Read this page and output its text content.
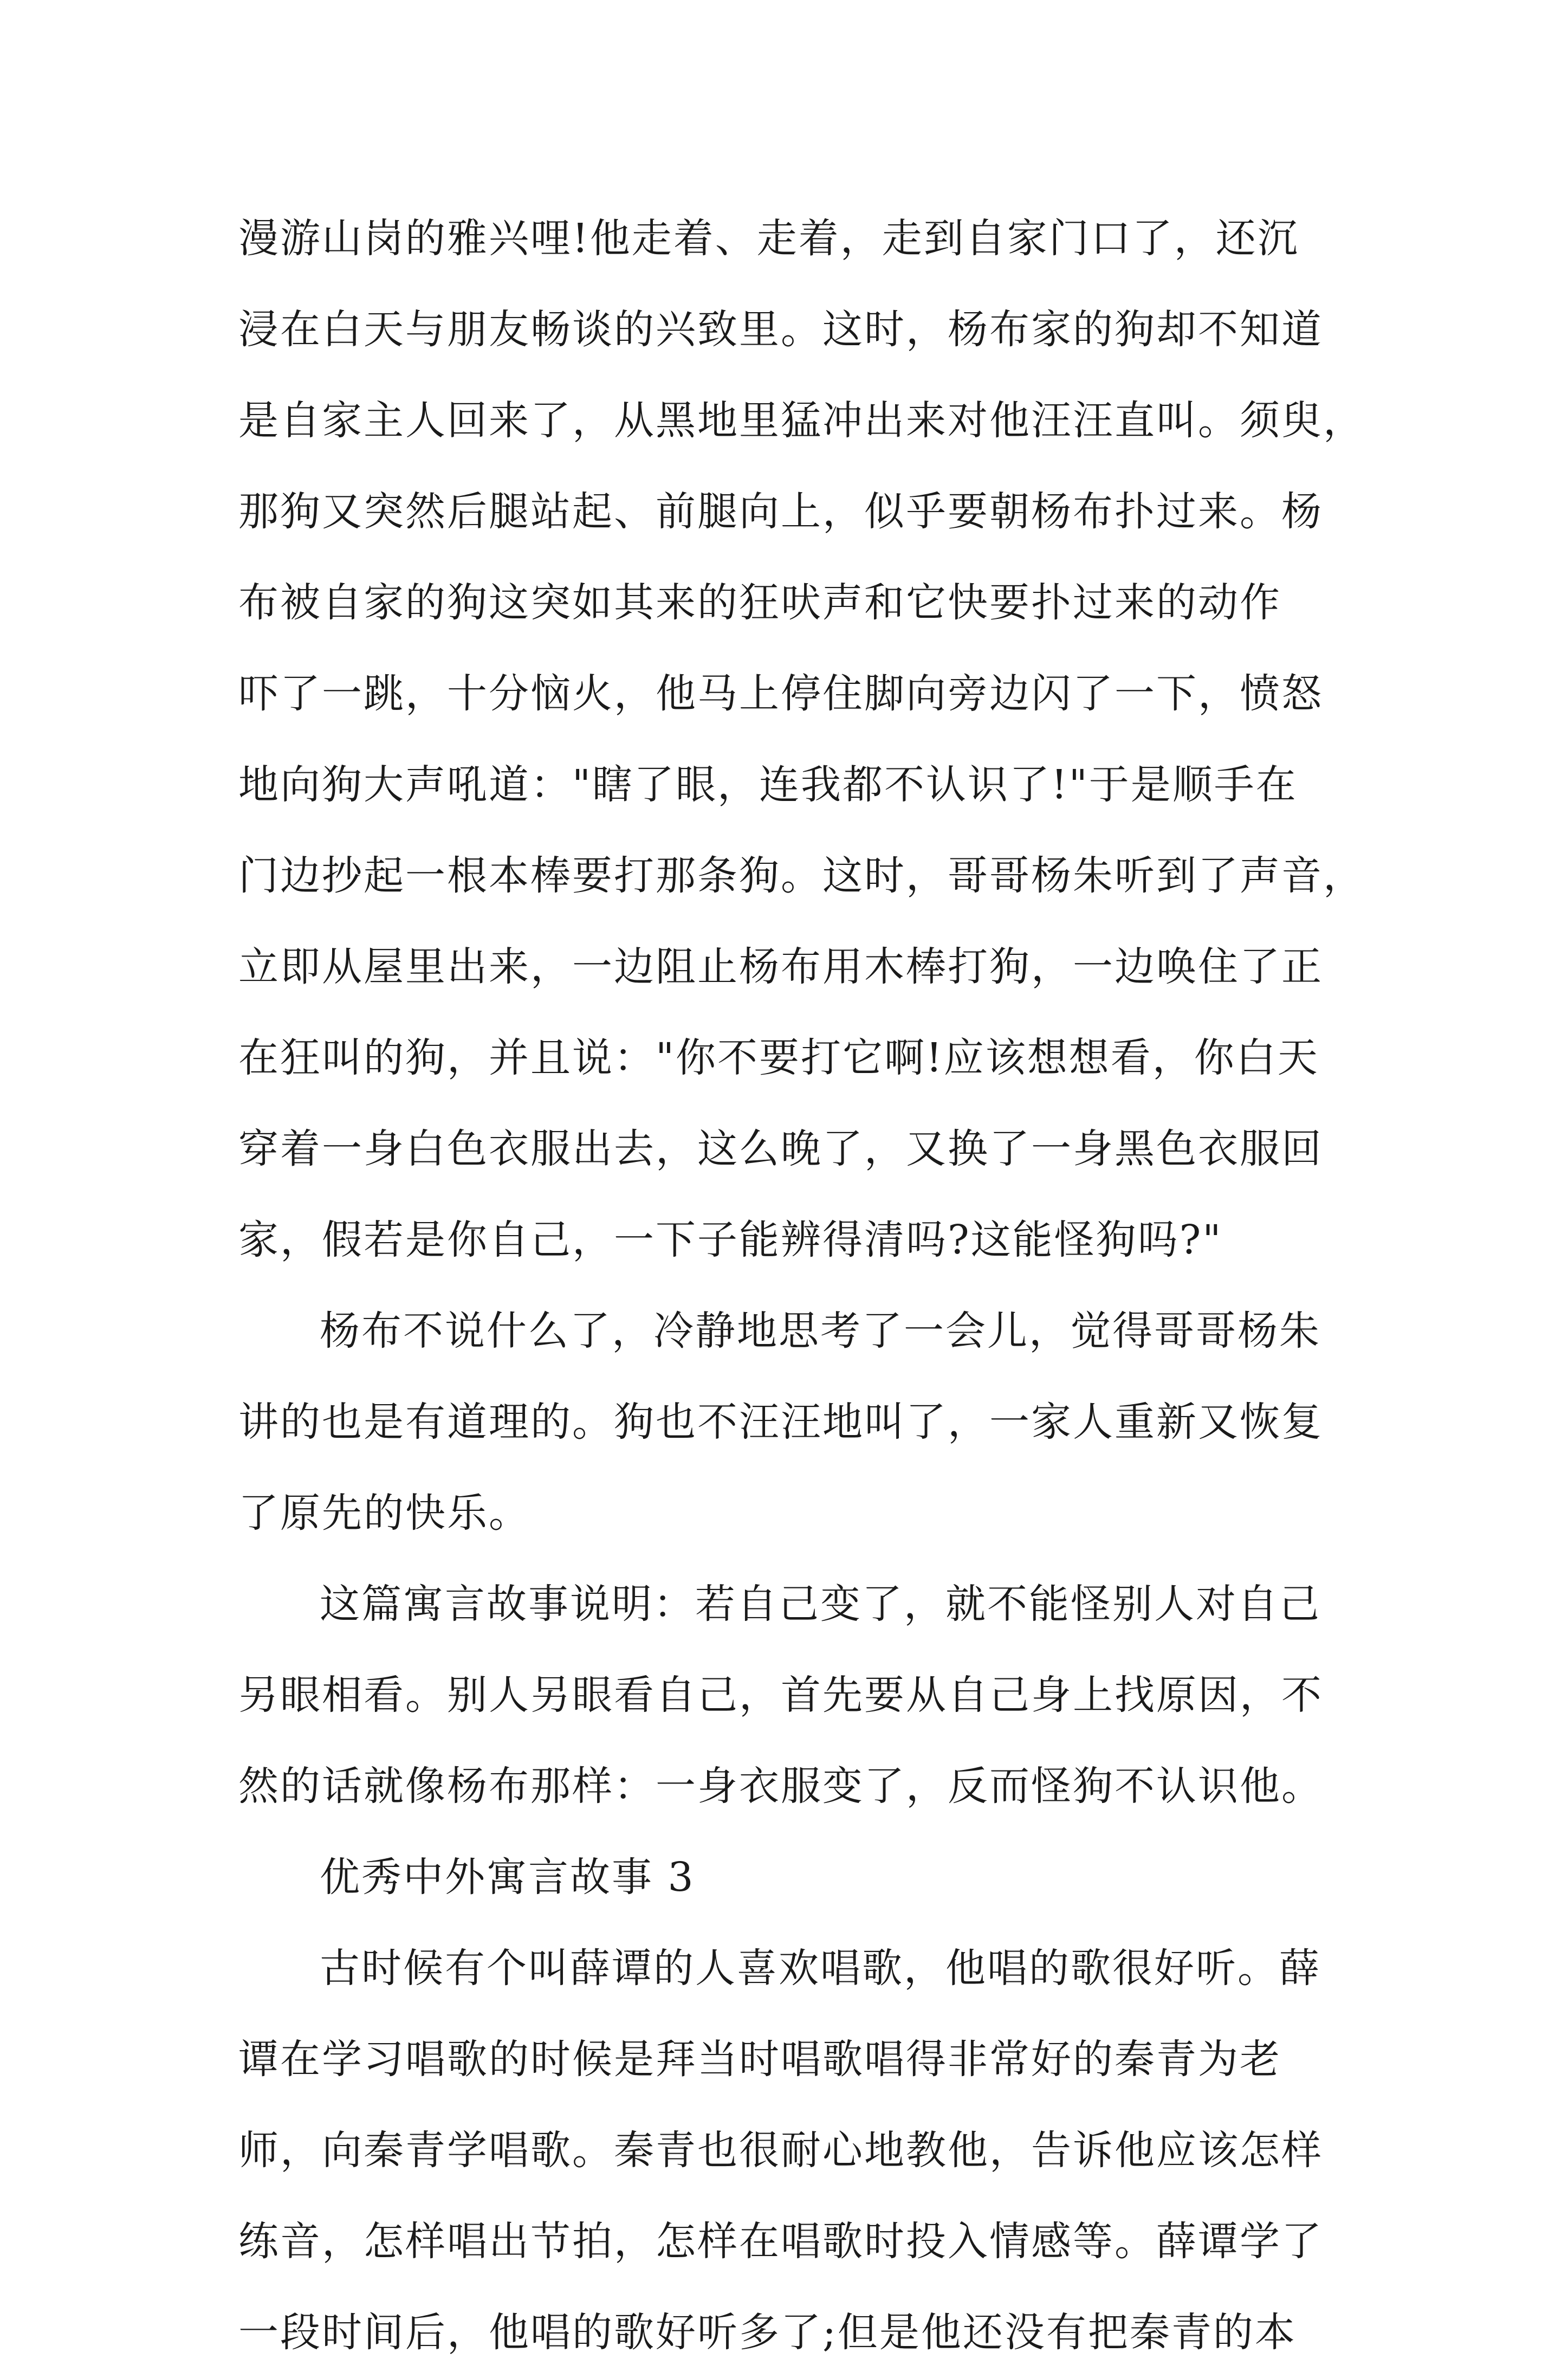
漫游山岗的雅兴哩!他走着、走着，走到自家门口了，还沉
浸在白天与朋友畅谈的兴致里。这时，杨布家的狗却不知道
是自家主人回来了，从黑地里猛冲出来对他汪汪直叫。须臾，
那狗又突然后腿站起、前腿向上，似乎要朝杨布扑过来。杨
布被自家的狗这突如其来的狂吠声和它快要扑过来的动作
吓了一跳，十分恼火，他马上停住脚向旁边闪了一下，愤怒
地向狗大声吼道："瞎了眼，连我都不认识了!"于是顺手在
门边抄起一根本棒要打那条狗。这时，哥哥杨朱听到了声音，
立即从屋里出来，一边阻止杨布用木棒打狗，一边唤住了正
在狂叫的狗，并且说："你不要打它啊!应该想想看，你白天
穿着一身白色衣服出去，这么晚了，又换了一身黑色衣服回
家，假若是你自己，一下子能辨得清吗?这能怪狗吗?"
杨布不说什么了，冷静地思考了一会儿，觉得哥哥杨朱
讲的也是有道理的。狗也不汪汪地叫了，一家人重新又恢复
了原先的快乐。
这篇寓言故事说明：若自己变了，就不能怪别人对自己
另眼相看。别人另眼看自己，首先要从自己身上找原因，不
然的话就像杨布那样：一身衣服变了，反而怪狗不认识他。
优秀中外寓言故事 3
古时候有个叫薛谭的人喜欢唱歌，他唱的歌很好听。薛
谭在学习唱歌的时候是拜当时唱歌唱得非常好的秦青为老
师，向秦青学唱歌。秦青也很耐心地教他，告诉他应该怎样
练音，怎样唱出节拍，怎样在唱歌时投入情感等。薛谭学了
一段时间后，他唱的歌好听多了;但是他还没有把秦青的本
